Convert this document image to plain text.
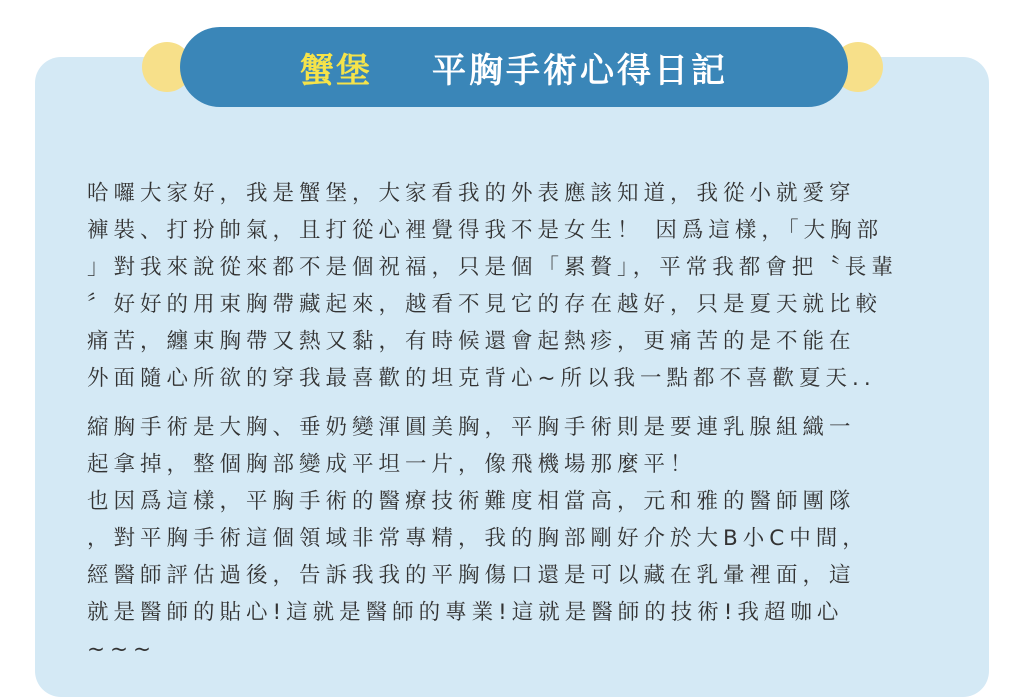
蟹堡 平胸手術心得日記
哈囉大家好，我是蟹堡，大家看我的外表應該知道，我從小就愛穿
褲裝、打扮帥氣，且打從心裡覺得我不是女生！ 因爲這樣，「大胸部
」對我來說從來都不是個祝福，只是個「累贅」，平常我都會把〝長輩
〞好好的用束胸帶藏起來，越看不見它的存在越好，只是夏天就比較
痛苦，纏束胸帶又熱又黏，有時候還會起熱疹，更痛苦的是不能在
外面隨心所欲的穿我最喜歡的坦克背心~所以我一點都不喜歡夏天..
縮胸手術是大胸、垂奶變渾圓美胸，平胸手術則是要連乳腺組織一
起拿掉，整個胸部變成平坦一片，像飛機場那麼平！
也因爲這樣，平胸手術的醫療技術難度相當高，元和雅的醫師團隊
，對平胸手術這個領域非常專精，我的胸部剛好介於大B小C中間，
經醫師評估過後，告訴我我的平胸傷口還是可以藏在乳暈裡面，這
就是醫師的貼心!這就是醫師的專業!這就是醫師的技術!我超咖心
~~~
